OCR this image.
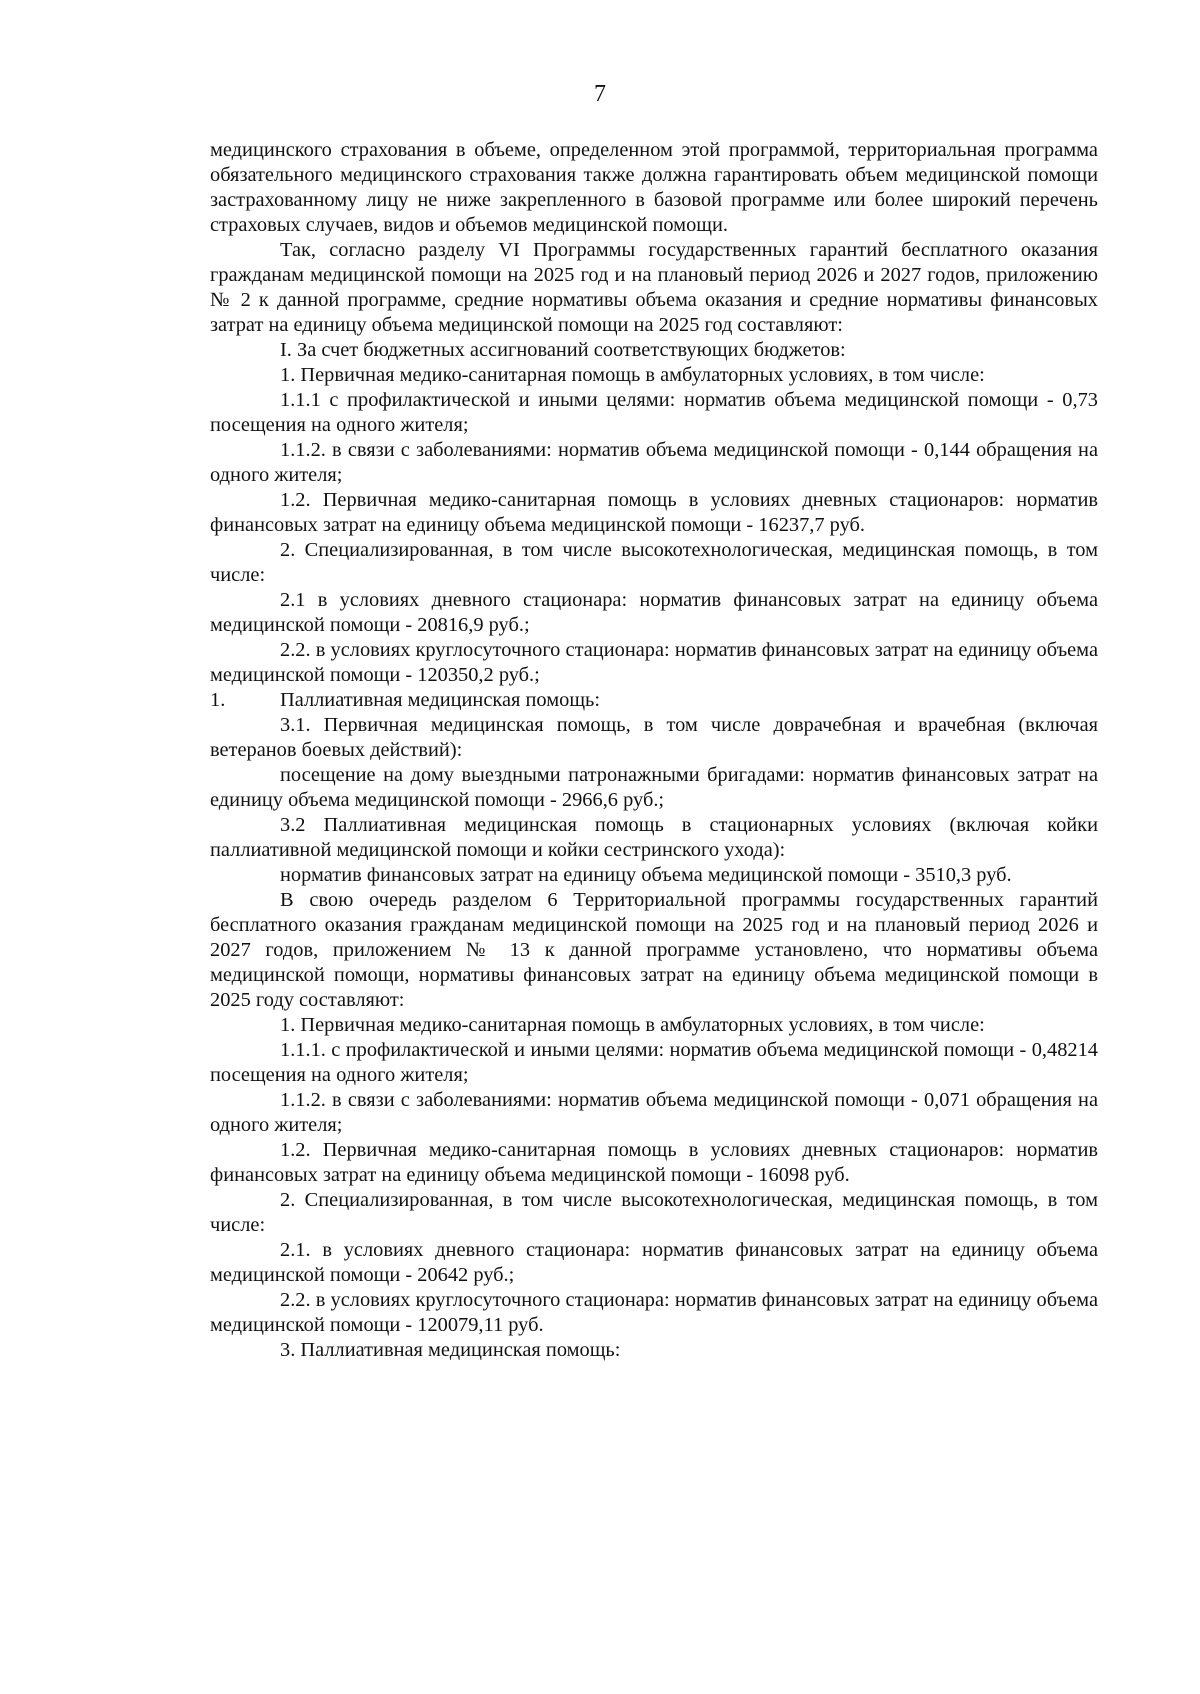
7

медицинского страхования в объеме, определенном этой программой, территориальная программа обязательного медицинского страхования также должна гарантировать объем медицинской помощи застрахованному лицу не ниже закрепленного в базовой программе или более широкий перечень страховых случаев, видов и объемов медицинской помощи.

Так, согласно разделу VI Программы государственных гарантий бесплатного оказания гражданам медицинской помощи на 2025 год и на плановый период 2026 и 2027 годов, приложению № 2 к данной программе, средние нормативы объема оказания и средние нормативы финансовых затрат на единицу объема медицинской помощи на 2025 год составляют:

I. За счет бюджетных ассигнований соответствующих бюджетов:

1. Первичная медико-санитарная помощь в амбулаторных условиях, в том числе:

1.1.1 с профилактической и иными целями: норматив объема медицинской помощи - 0,73 посещения на одного жителя;

1.1.2. в связи с заболеваниями: норматив объема медицинской помощи - 0,144 обращения на одного жителя;

1.2. Первичная медико-санитарная помощь в условиях дневных стационаров: норматив финансовых затрат на единицу объема медицинской помощи - 16237,7 руб.

2. Специализированная, в том числе высокотехнологическая, медицинская помощь, в том числе:

2.1 в условиях дневного стационара: норматив финансовых затрат на единицу объема медицинской помощи - 20816,9 руб.;

2.2. в условиях круглосуточного стационара: норматив финансовых затрат на единицу объема медицинской помощи - 120350,2 руб.;

1.	Паллиативная медицинская помощь:

3.1. Первичная медицинская помощь, в том числе доврачебная и врачебная (включая ветеранов боевых действий):

посещение на дому выездными патронажными бригадами: норматив финансовых затрат на единицу объема медицинской помощи - 2966,6 руб.;

3.2 Паллиативная медицинская помощь в стационарных условиях (включая койки паллиативной медицинской помощи и койки сестринского ухода):

норматив финансовых затрат на единицу объема медицинской помощи - 3510,3 руб.

В свою очередь разделом 6 Территориальной программы государственных гарантий бесплатного оказания гражданам медицинской помощи на 2025 год и на плановый период 2026 и 2027 годов, приложением № 13 к данной программе установлено, что нормативы объема медицинской помощи, нормативы финансовых затрат на единицу объема медицинской помощи в 2025 году составляют:

1. Первичная медико-санитарная помощь в амбулаторных условиях, в том числе:

1.1.1. с профилактической и иными целями: норматив объема медицинской помощи - 0,48214 посещения на одного жителя;

1.1.2. в связи с заболеваниями: норматив объема медицинской помощи - 0,071 обращения на одного жителя;

1.2. Первичная медико-санитарная помощь в условиях дневных стационаров: норматив финансовых затрат на единицу объема медицинской помощи - 16098 руб.

2. Специализированная, в том числе высокотехнологическая, медицинская помощь, в том числе:

2.1. в условиях дневного стационара: норматив финансовых затрат на единицу объема медицинской помощи - 20642 руб.;

2.2. в условиях круглосуточного стационара: норматив финансовых затрат на единицу объема медицинской помощи - 120079,11 руб.

3. Паллиативная медицинская помощь:
